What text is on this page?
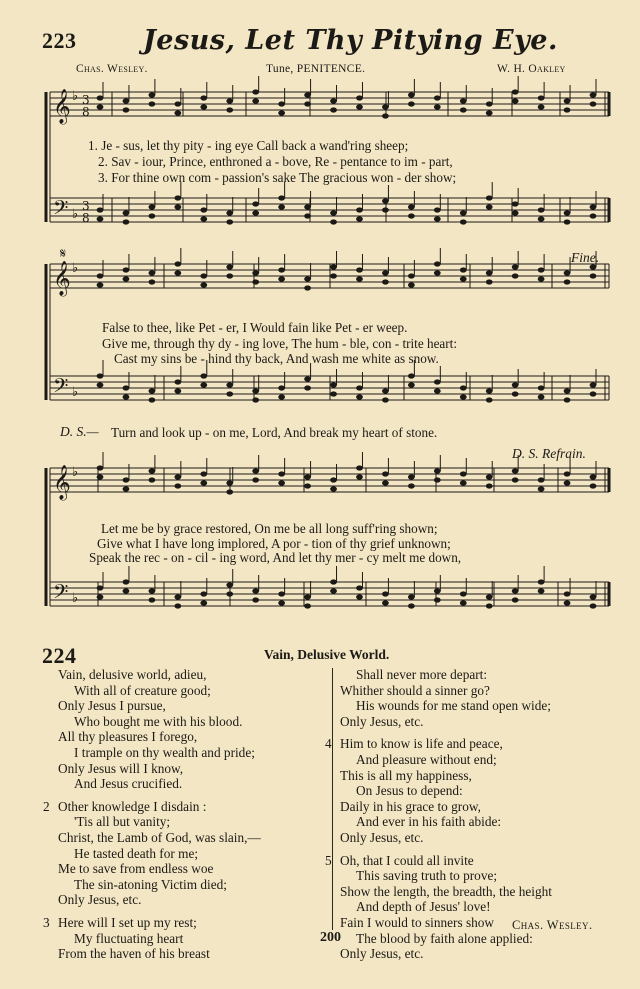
223 Jesus, Let Thy Pitying Eye.
Chas. Wesley.	Tune, PENITENCE.	W. H. Oakley
𝄞
𝄢
♭
♭
3
8
3
8
𝄞
𝄢
♭
♭
𝄞
𝄢
♭
♭
𝄋
1. Je - sus, let thy pity - ing eye Call back a wand'ring sheep;
2. Sav - iour, Prince, enthroned a - bove, Re - pentance to im - part,
3. For thine own com - passion's sake The gracious won - der show;
Fine.
False to thee, like Pet - er, I Would fain like Pet - er weep.
Give me, through thy dy - ing love, The hum - ble, con - trite heart:
Cast my sins be - hind thy back, And wash me white as snow.
D. S.— Turn and look up - on me, Lord, And break my heart of stone.
D. S. Refrain.
Let me be by grace restored, On me be all long suff'ring shown;
Give what I have long implored, A por - tion of thy grief unknown;
Speak the rec - on - cil - ing word, And let thy mer - cy melt me down,
224	Vain, Delusive World.
Vain, delusive world, adieu,
With all of creature good;
Only Jesus I pursue,
Who bought me with his blood.
All thy pleasures I forego,
I trample on thy wealth and pride;
Only Jesus will I know,
And Jesus crucified.
2 Other knowledge I disdain :
'Tis all but vanity;
Christ, the Lamb of God, was slain,—
He tasted death for me;
Me to save from endless woe
The sin-atoning Victim died;
Only Jesus, etc.
3 Here will I set up my rest;
My fluctuating heart
From the haven of his breast
Shall never more depart:
Whither should a sinner go?
His wounds for me stand open wide;
Only Jesus, etc.
4 Him to know is life and peace,
And pleasure without end;
This is all my happiness,
On Jesus to depend:
Daily in his grace to grow,
And ever in his faith abide:
Only Jesus, etc.
5 Oh, that I could all invite
This saving truth to prove;
Show the length, the breadth, the height
And depth of Jesus' love!
Fain I would to sinners show
The blood by faith alone applied:
Only Jesus, etc.
Chas. Wesley.
200
